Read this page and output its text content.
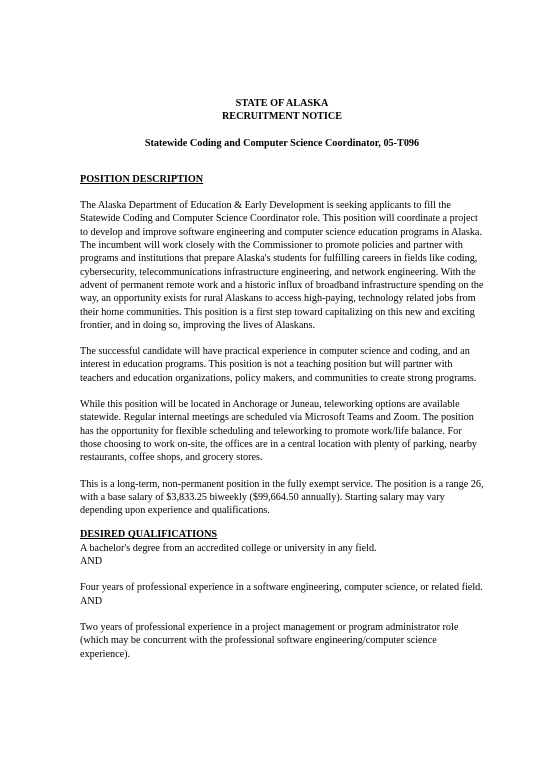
STATE OF ALASKA
RECRUITMENT NOTICE
Statewide Coding and Computer Science Coordinator, 05-T096
POSITION DESCRIPTION

The Alaska Department of Education & Early Development is seeking applicants to fill the Statewide Coding and Computer Science Coordinator role. This position will coordinate a project to develop and improve software engineering and computer science education programs in Alaska. The incumbent will work closely with the Commissioner to promote policies and partner with programs and institutions that prepare Alaska's students for fulfilling careers in fields like coding, cybersecurity, telecommunications infrastructure engineering, and network engineering. With the advent of permanent remote work and a historic influx of broadband infrastructure spending on the way, an opportunity exists for rural Alaskans to access high-paying, technology related jobs from their home communities. This position is a first step toward capitalizing on this new and exciting frontier, and in doing so, improving the lives of Alaskans.

The successful candidate will have practical experience in computer science and coding, and an interest in education programs. This position is not a teaching position but will partner with teachers and education organizations, policy makers, and communities to create strong programs.

While this position will be located in Anchorage or Juneau, teleworking options are available statewide. Regular internal meetings are scheduled via Microsoft Teams and Zoom. The position has the opportunity for flexible scheduling and teleworking to promote work/life balance. For those choosing to work on-site, the offices are in a central location with plenty of parking, nearby restaurants, coffee shops, and grocery stores.

This is a long-term, non-permanent position in the fully exempt service. The position is a range 26, with a base salary of $3,833.25 biweekly ($99,664.50 annually). Starting salary may vary depending upon experience and qualifications.

DESIRED QUALIFICATIONS

A bachelor's degree from an accredited college or university in any field.

AND

Four years of professional experience in a software engineering, computer science, or related field.

AND

Two years of professional experience in a project management or program administrator role (which may be concurrent with the professional software engineering/computer science experience).
